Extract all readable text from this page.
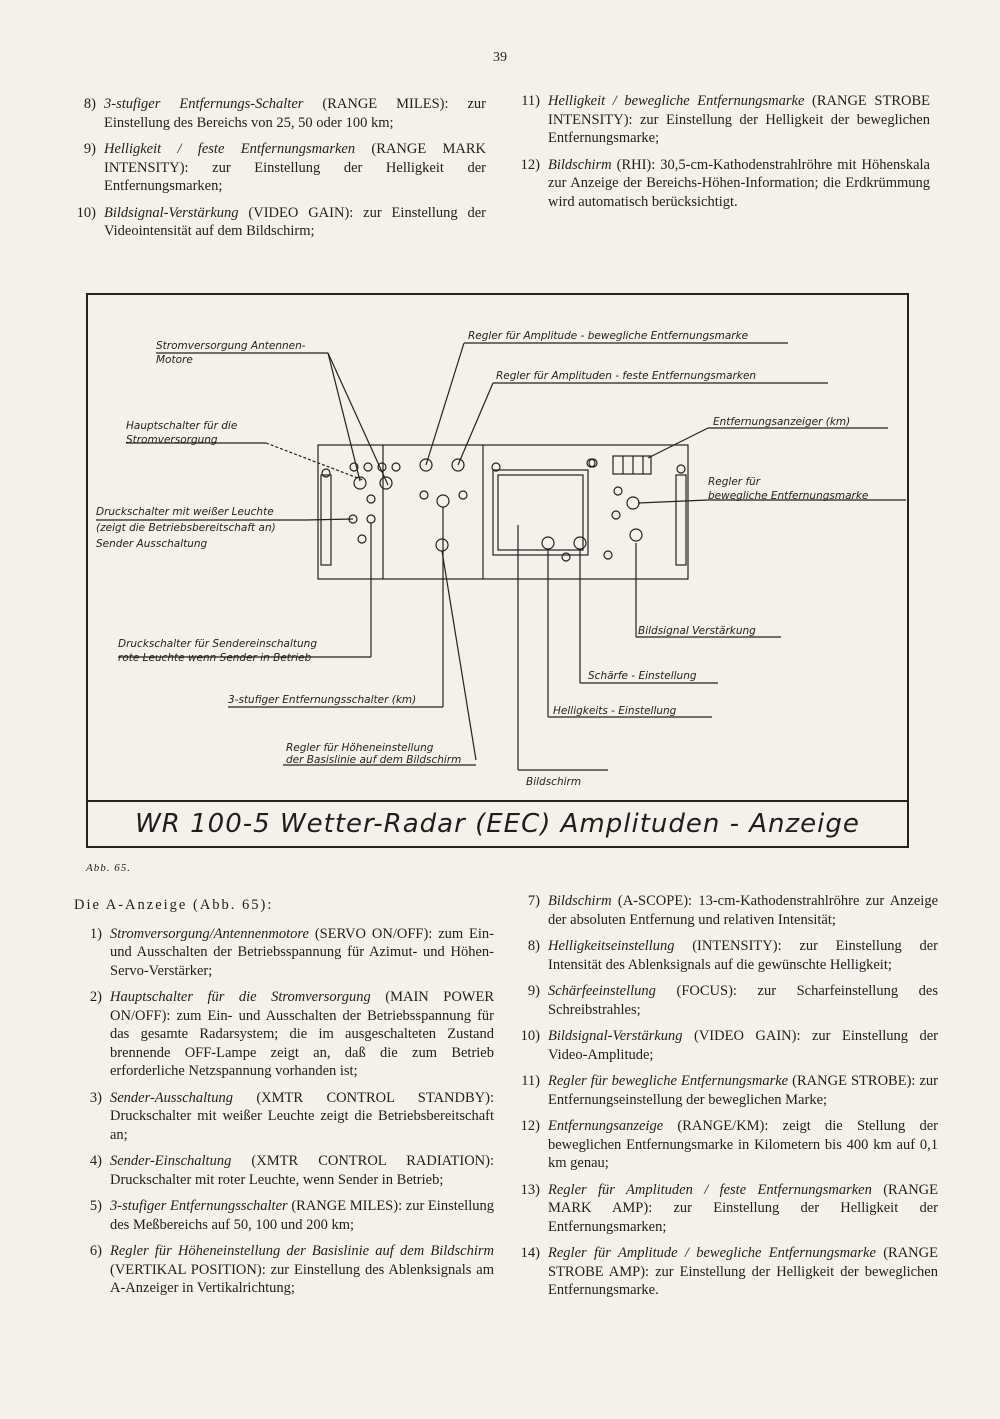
39
8) 3-stufiger Entfernungs-Schalter (RANGE MILES): zur Einstellung des Bereichs von 25, 50 oder 100 km;
9) Helligkeit / feste Entfernungsmarken (RANGE MARK INTENSITY): zur Einstellung der Helligkeit der Entfernungsmarken;
10) Bildsignal-Verstärkung (VIDEO GAIN): zur Einstellung der Videointensität auf dem Bildschirm;
11) Helligkeit / bewegliche Entfernungsmarke (RANGE STROBE INTENSITY): zur Einstellung der Helligkeit der beweglichen Entfernungsmarke;
12) Bildschirm (RHI): 30,5-cm-Kathodenstrahlröhre mit Höhenskala zur Anzeige der Bereichs-Höhen-Information; die Erdkrümmung wird automatisch berücksichtigt.
Stromversorgung Antennen-
Motore
Regler für Amplitude - bewegliche Entfernungsmarke
Regler für Amplituden - feste Entfernungsmarken
Hauptschalter für die
Stromversorgung
Entfernungsanzeiger (km)
Regler für
bewegliche Entfernungsmarke
Druckschalter mit weißer Leuchte
(zeigt die Betriebsbereitschaft an)
Sender Ausschaltung
Bildsignal Verstärkung
Druckschalter für Sendereinschaltung
rote Leuchte wenn Sender in Betrieb
Schärfe - Einstellung
3-stufiger Entfernungsschalter (km)
Helligkeits - Einstellung
Regler für Höheneinstellung
der Basislinie auf dem Bildschirm
Bildschirm
WR 100-5 Wetter-Radar (EEC) Amplituden - Anzeige
Abb. 65.
Die A-Anzeige (Abb. 65):
1) Stromversorgung/Antennenmotore (SERVO ON/OFF): zum Ein- und Ausschalten der Betriebsspannung für Azimut- und Höhen-Servo-Verstärker;
2) Hauptschalter für die Stromversorgung (MAIN POWER ON/OFF): zum Ein- und Ausschalten der Betriebsspannung für das gesamte Radarsystem; die im ausgeschalteten Zustand brennende OFF-Lampe zeigt an, daß die zum Betrieb erforderliche Netzspannung vorhanden ist;
3) Sender-Ausschaltung (XMTR CONTROL STANDBY): Druckschalter mit weißer Leuchte zeigt die Betriebsbereitschaft an;
4) Sender-Einschaltung (XMTR CONTROL RADIATION): Druckschalter mit roter Leuchte, wenn Sender in Betrieb;
5) 3-stufiger Entfernungsschalter (RANGE MILES): zur Einstellung des Meßbereichs auf 50, 100 und 200 km;
6) Regler für Höheneinstellung der Basislinie auf dem Bildschirm (VERTIKAL POSITION): zur Einstellung des Ablenksignals am A-Anzeiger in Vertikalrichtung;
7) Bildschirm (A-SCOPE): 13-cm-Kathodenstrahlröhre zur Anzeige der absoluten Entfernung und relativen Intensität;
8) Helligkeitseinstellung (INTENSITY): zur Einstellung der Intensität des Ablenksignals auf die gewünschte Helligkeit;
9) Schärfeeinstellung (FOCUS): zur Scharfeinstellung des Schreibstrahles;
10) Bildsignal-Verstärkung (VIDEO GAIN): zur Einstellung der Video-Amplitude;
11) Regler für bewegliche Entfernungsmarke (RANGE STROBE): zur Entfernungseinstellung der beweglichen Marke;
12) Entfernungsanzeige (RANGE/KM): zeigt die Stellung der beweglichen Entfernungsmarke in Kilometern bis 400 km auf 0,1 km genau;
13) Regler für Amplituden / feste Entfernungsmarken (RANGE MARK AMP): zur Einstellung der Helligkeit der Entfernungsmarken;
14) Regler für Amplitude / bewegliche Entfernungsmarke (RANGE STROBE AMP): zur Einstellung der Helligkeit der beweglichen Entfernungsmarke.
